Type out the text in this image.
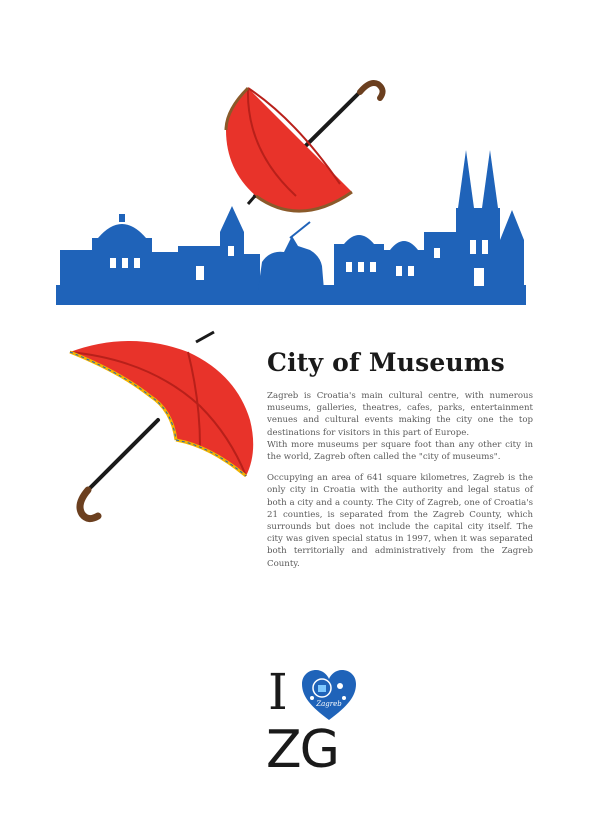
City of Museums

Zagreb is Croatia's main cultural centre, with numerous museums, galleries, theatres, cafes, parks, entertainment venues and cultural events making the city one the top destinations for visitors in this part of Europe.

With more museums per square foot than any other city in the world, Zagreb often called the "city of museums".

Occupying an area of 641 square kilometres, Zagreb is the only city in Croatia with the authority and legal status of both a city and a county. The City of Zagreb, one of Croatia's 21 counties, is separated from the Zagreb County, which surrounds but does not include the capital city itself. The city was given special status in 1997, when it was separated both territorially and administratively from the Zagreb County.

I	Zagreb
ZG
